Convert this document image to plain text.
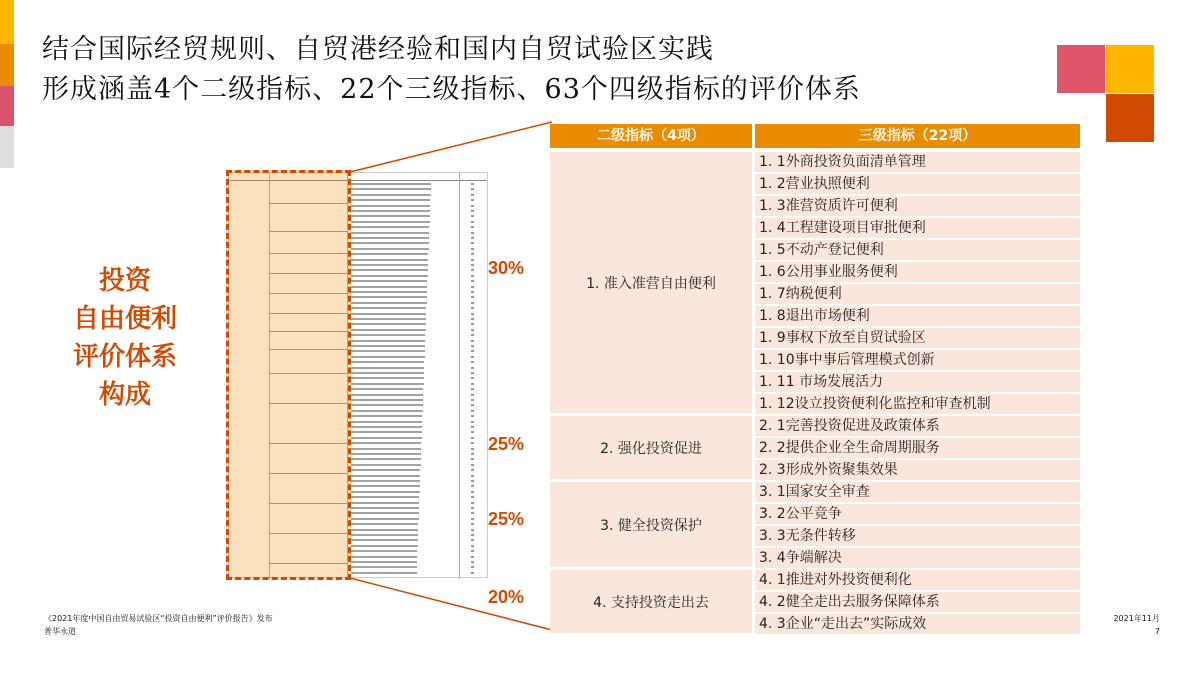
结合国际经贸规则、自贸港经验和国内自贸试验区实践
形成涵盖4个二级指标、22个三级指标、63个四级指标的评价体系
投资
自由便利
评价体系
构成
30%
25%
25%
20%
二级指标（4项）	三级指标（22项）
1. 准入准营自由便利
2. 强化投资促进
3. 健全投资保护
4. 支持投资走出去
1. 1外商投资负面清单管理
1. 2营业执照便利
1. 3准营资质许可便利
1. 4工程建设项目审批便利
1. 5不动产登记便利
1. 6公用事业服务便利
1. 7纳税便利
1. 8退出市场便利
1. 9事权下放至自贸试验区
1. 10事中事后管理模式创新
1. 11 市场发展活力
1. 12设立投资便利化监控和审查机制
2. 1完善投资促进及政策体系
2. 2提供企业全生命周期服务
2. 3形成外资聚集效果
3. 1国家安全审查
3. 2公平竞争
3. 3无条件转移
3. 4争端解决
4. 1推进对外投资便利化
4. 2健全走出去服务保障体系
4. 3企业“走出去”实际成效
《2021年度中国自由贸易试验区“投资自由便利”评价报告》发布
普华永道
2021年11月
7
